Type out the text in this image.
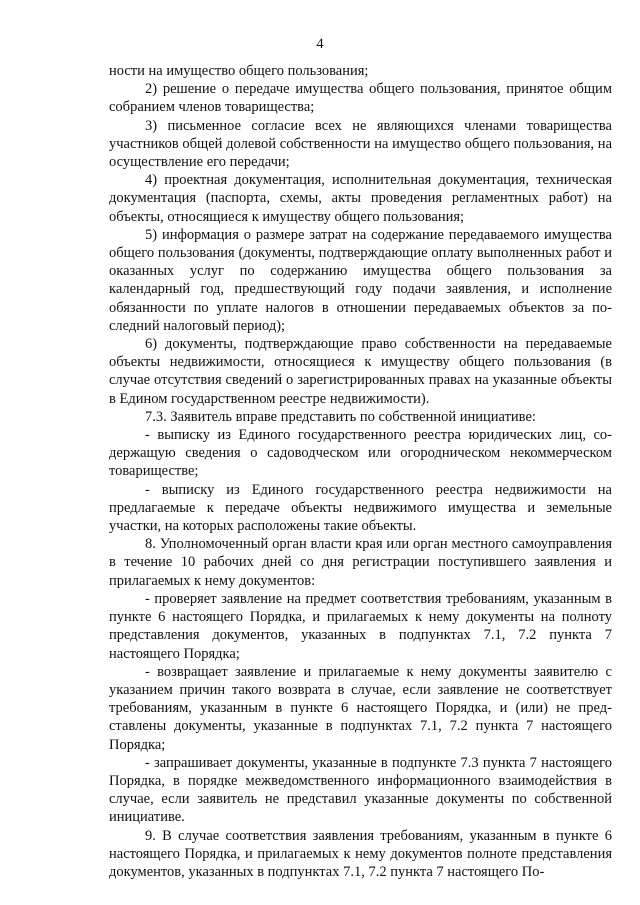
4

ности на имущество общего пользования;

2) решение о передаче имущества общего пользования, принятое общим собранием членов товарищества;

3) письменное согласие всех не являющихся членами товарищества участников общей долевой собственности на имущество общего пользования, на осуществление его передачи;

4) проектная документация, исполнительная документация, техническая документация (паспорта, схемы, акты проведения регламентных работ) на объекты, относящиеся к имуществу общего пользования;

5) информация о размере затрат на содержание передаваемого имущества общего пользования (документы, подтверждающие оплату выполненных работ и оказанных услуг по содержанию имущества общего пользования за календарный год, предшествующий году подачи заявления, и исполнение обязанности по уплате налогов в отношении передаваемых объектов за последний налоговый период);

6) документы, подтверждающие право собственности на передаваемые объекты недвижимости, относящиеся к имуществу общего пользования (в случае отсутствия сведений о зарегистрированных правах на указанные объекты в Едином государственном реестре недвижимости).

7.3. Заявитель вправе представить по собственной инициативе:

- выписку из Единого государственного реестра юридических лиц, содержащую сведения о садоводческом или огородническом некоммерческом товариществе;

- выписку из Единого государственного реестра недвижимости на предлагаемые к передаче объекты недвижимого имущества и земельные участки, на которых расположены такие объекты.

8. Уполномоченный орган власти края или орган местного самоуправления в течение 10 рабочих дней со дня регистрации поступившего заявления и прилагаемых к нему документов:

- проверяет заявление на предмет соответствия требованиям, указанным в пункте 6 настоящего Порядка, и прилагаемых к нему документы на полноту представления документов, указанных в подпунктах 7.1, 7.2 пункта 7 настоящего Порядка;

- возвращает заявление и прилагаемые к нему документы заявителю с указанием причин такого возврата в случае, если заявление не соответствует требованиям, указанным в пункте 6 настоящего Порядка, и (или) не представлены документы, указанные в подпунктах 7.1, 7.2 пункта 7 настоящего Порядка;

- запрашивает документы, указанные в подпункте 7.3 пункта 7 настоящего Порядка, в порядке межведомственного информационного взаимодействия в случае, если заявитель не представил указанные документы по собственной инициативе.

9. В случае соответствия заявления требованиям, указанным в пункте 6 настоящего Порядка, и прилагаемых к нему документов полноте представления документов, указанных в подпунктах 7.1, 7.2 пункта 7 настоящего По-
